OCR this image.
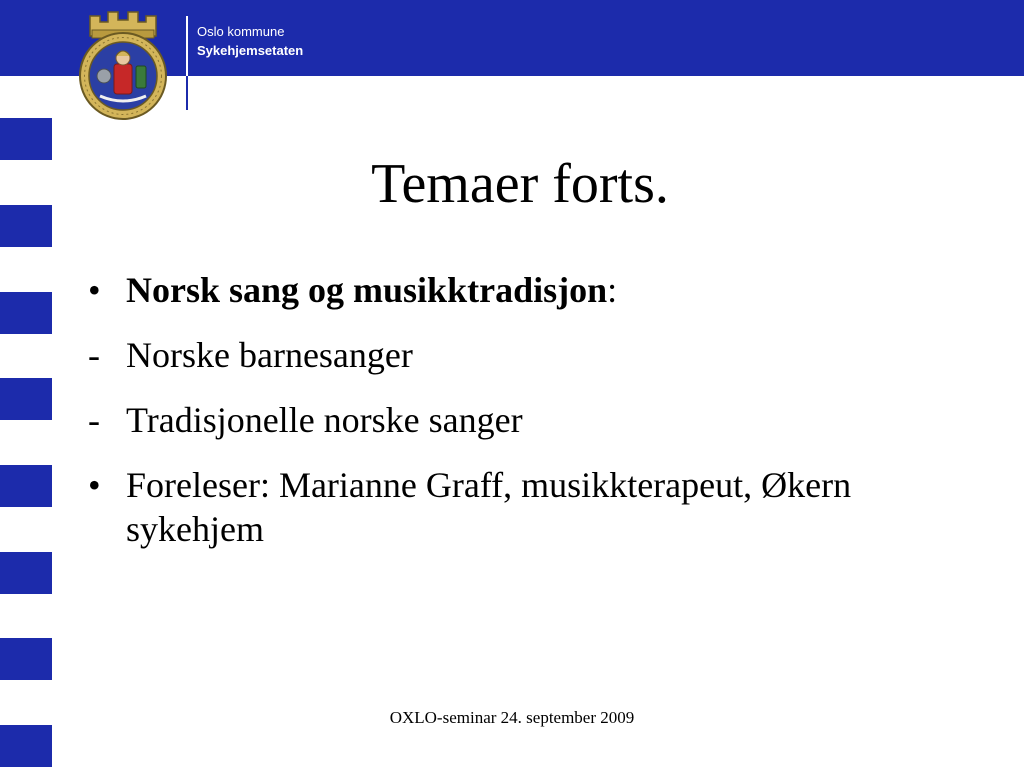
Oslo kommune
Sykehjemsetaten
Temaer forts.
• Norsk sang og musikktradisjon:
- Norske barnesanger
- Tradisjonelle norske sanger
• Foreleser: Marianne Graff, musikkterapeut, Økern sykehjem
OXLO-seminar 24. september 2009
